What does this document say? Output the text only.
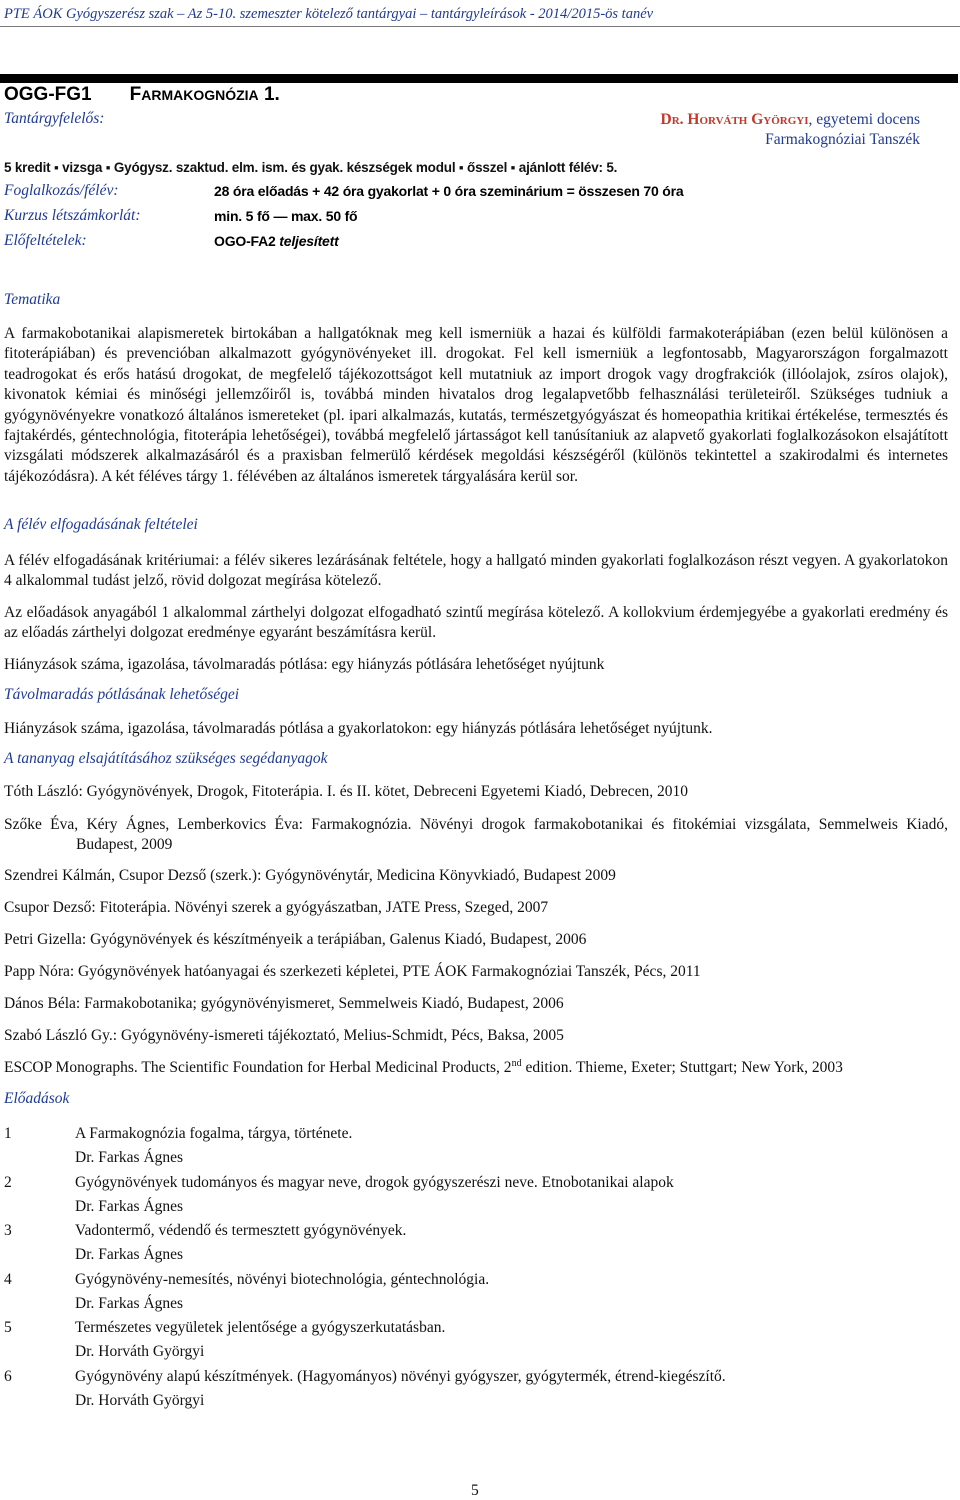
PTE ÁOK Gyógyszerész szak – Az 5-10. szemeszter kötelező tantárgyai – tantárgyleírások - 2014/2015-ös tanév
OGG-FG1 FARMAKOGNÓZIA 1.
Tantárgyfelelős:	Dr. Horváth Györgyi, egyetemi docens
Farmakognóziai Tanszék
5 kredit ▪ vizsga ▪ Gyógysz. szaktud. elm. ism. és gyak. készségek modul ▪ ősszel ▪ ajánlott félév: 5.
Foglalkozás/félév:	28 óra előadás + 42 óra gyakorlat + 0 óra szeminárium = összesen 70 óra
Kurzus létszámkorlát:	min. 5 fő — max. 50 fő
Előfeltételek:	OGO-FA2 teljesített
Tematika
A farmakobotanikai alapismeretek birtokában a hallgatóknak meg kell ismerniük a hazai és külföldi farmakoterápiában (ezen belül különösen a fitoterápiában) és prevencióban alkalmazott gyógynövényeket ill. drogokat. Fel kell ismerniük a legfontosabb, Magyarországon forgalmazott teadrogokat és erős hatású drogokat, de megfelelő tájékozottságot kell mutatniuk az import drogok vagy drogfrakciók (illóolajok, zsíros olajok), kivonatok kémiai és minőségi jellemzőiről is, továbbá minden hivatalos drog legalapvetőbb felhasználási területeiről. Szükséges tudniuk a gyógynövényekre vonatkozó általános ismereteket (pl. ipari alkalmazás, kutatás, természetgyógyászat és homeopathia kritikai értékelése, termesztés és fajtakérdés, géntechnológia, fitoterápia lehetőségei), továbbá megfelelő jártasságot kell tanúsítaniuk az alapvető gyakorlati foglalkozásokon elsajátított vizsgálati módszerek alkalmazásáról és a praxisban felmerülő kérdések megoldási készségéről (különös tekintettel a szakirodalmi és internetes tájékozódásra). A két féléves tárgy 1. félévében az általános ismeretek tárgyalására kerül sor.
A félév elfogadásának feltételei
A félév elfogadásának kritériumai: a félév sikeres lezárásának feltétele, hogy a hallgató minden gyakorlati foglalkozáson részt vegyen. A gyakorlatokon 4 alkalommal tudást jelző, rövid dolgozat megírása kötelező.
Az előadások anyagából 1 alkalommal zárthelyi dolgozat elfogadható szintű megírása kötelező. A kollokvium érdemjegyébe a gyakorlati eredmény és az előadás zárthelyi dolgozat eredménye egyaránt beszámításra kerül.
Hiányzások száma, igazolása, távolmaradás pótlása: egy hiányzás pótlására lehetőséget nyújtunk
Távolmaradás pótlásának lehetőségei
Hiányzások száma, igazolása, távolmaradás pótlása a gyakorlatokon: egy hiányzás pótlására lehetőséget nyújtunk.
A tananyag elsajátításához szükséges segédanyagok
Tóth László: Gyógynövények, Drogok, Fitoterápia. I. és II. kötet, Debreceni Egyetemi Kiadó, Debrecen, 2010
Szőke Éva, Kéry Ágnes, Lemberkovics Éva: Farmakognózia. Növényi drogok farmakobotanikai és fitokémiai vizsgálata, Semmelweis Kiadó, Budapest, 2009
Szendrei Kálmán, Csupor Dezső (szerk.): Gyógynövénytár, Medicina Könyvkiadó, Budapest 2009
Csupor Dezső: Fitoterápia. Növényi szerek a gyógyászatban, JATE Press, Szeged, 2007
Petri Gizella: Gyógynövények és készítményeik a terápiában, Galenus Kiadó, Budapest, 2006
Papp Nóra: Gyógynövények hatóanyagai és szerkezeti képletei, PTE ÁOK Farmakognóziai Tanszék, Pécs, 2011
Dános Béla: Farmakobotanika; gyógynövényismeret, Semmelweis Kiadó, Budapest, 2006
Szabó László Gy.: Gyógynövény-ismereti tájékoztató, Melius-Schmidt, Pécs, Baksa, 2005
ESCOP Monographs. The Scientific Foundation for Herbal Medicinal Products, 2nd edition. Thieme, Exeter; Stuttgart; New York, 2003
Előadások
1	A Farmakognózia fogalma, tárgya, története.
Dr. Farkas Ágnes
2	Gyógynövények tudományos és magyar neve, drogok gyógyszerészi neve. Etnobotanikai alapok
Dr. Farkas Ágnes
3	Vadontermő, védendő és termesztett gyógynövények.
Dr. Farkas Ágnes
4	Gyógynövény-nemesítés, növényi biotechnológia, géntechnológia.
Dr. Farkas Ágnes
5	Természetes vegyületek jelentősége a gyógyszerkutatásban.
Dr. Horváth Györgyi
6	Gyógynövény alapú készítmények. (Hagyományos) növényi gyógyszer, gyógytermék, étrend-kiegészítő.
Dr. Horváth Györgyi
5
